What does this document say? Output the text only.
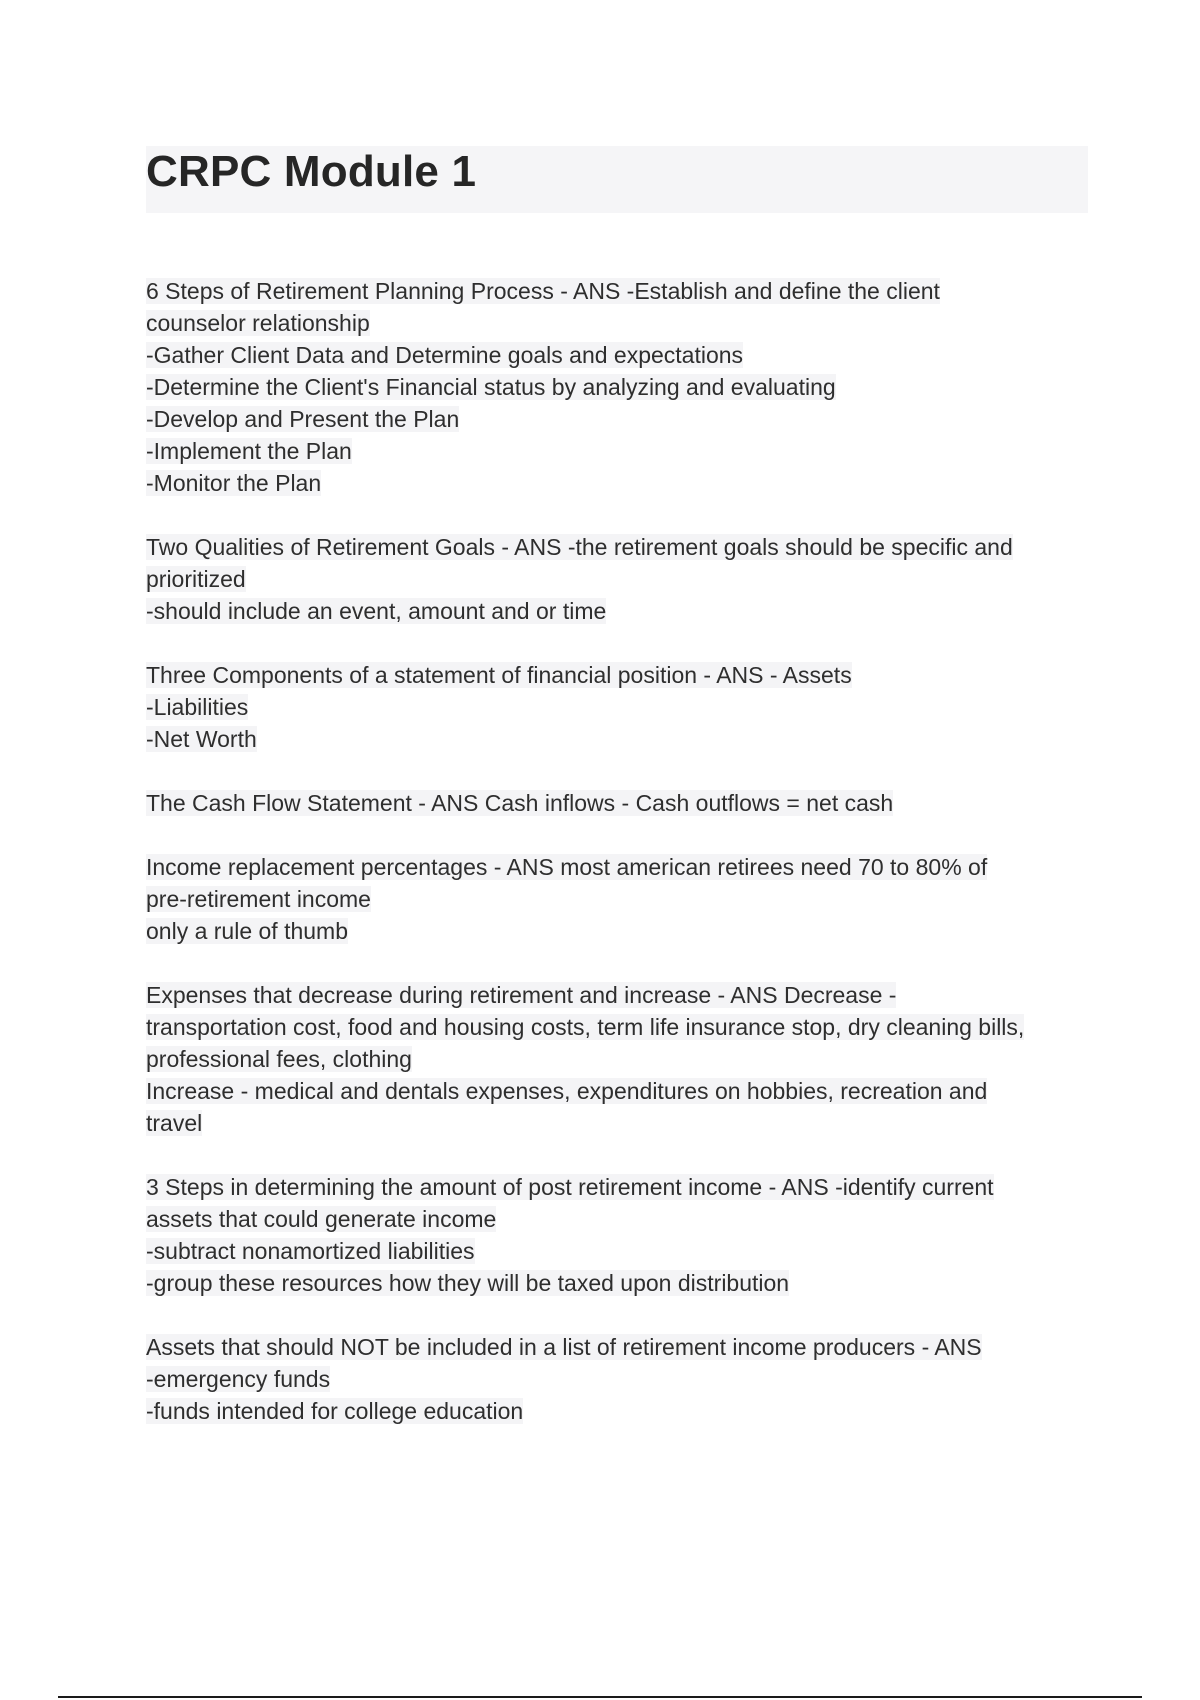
CRPC Module 1
6 Steps of Retirement Planning Process - ANS -Establish and define the client
counselor relationship
-Gather Client Data and Determine goals and expectations
-Determine the Client's Financial status by analyzing and evaluating
-Develop and Present the Plan
-Implement the Plan
-Monitor the Plan
Two Qualities of Retirement Goals - ANS -the retirement goals should be specific and
prioritized
-should include an event, amount and or time
Three Components of a statement of financial position - ANS - Assets
-Liabilities
-Net Worth
The Cash Flow Statement - ANS Cash inflows - Cash outflows = net cash
Income replacement percentages - ANS most american retirees need 70 to 80% of
pre-retirement income
only a rule of thumb
Expenses that decrease during retirement and increase - ANS Decrease -
transportation cost, food and housing costs, term life insurance stop, dry cleaning bills,
professional fees, clothing
Increase - medical and dentals expenses, expenditures on hobbies, recreation and
travel
3 Steps in determining the amount of post retirement income - ANS -identify current
assets that could generate income
-subtract nonamortized liabilities
-group these resources how they will be taxed upon distribution
Assets that should NOT be included in a list of retirement income producers - ANS
-emergency funds
-funds intended for college education
